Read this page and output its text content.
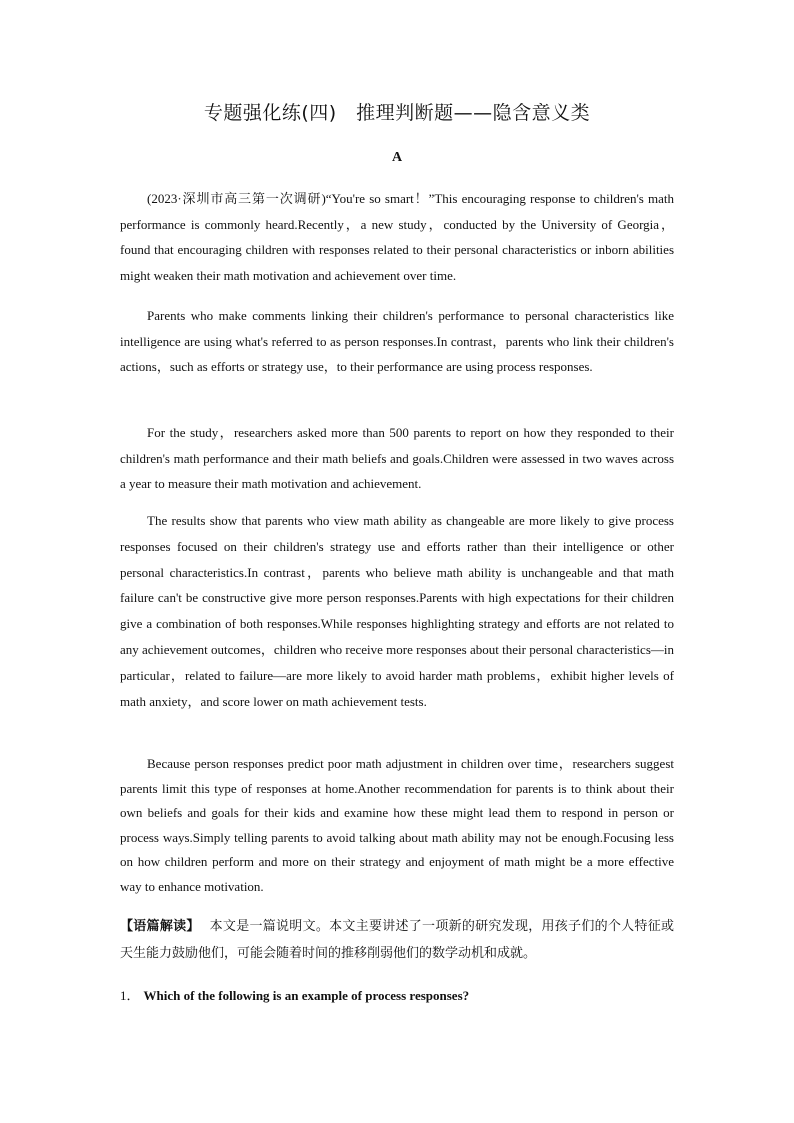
专题强化练(四)　推理判断题——隐含意义类
A

(2023·深圳市高三第一次调研)“You're so smart！”This encouraging response to children's math performance is commonly heard.Recently，a new study，conducted by the University of Georgia，found that encouraging children with responses related to their personal characteristics or inborn abilities might weaken their math motivation and achievement over time.

Parents who make comments linking their children's performance to personal characteristics like intelligence are using what's referred to as person responses.In contrast，parents who link their children's actions，such as efforts or strategy use，to their performance are using process responses.

For the study，researchers asked more than 500 parents to report on how they responded to their children's math performance and their math beliefs and goals.Children were assessed in two waves across a year to measure their math motivation and achievement.

The results show that parents who view math ability as changeable are more likely to give process responses focused on their children's strategy use and efforts rather than their intelligence or other personal characteristics.In contrast，parents who believe math ability is unchangeable and that math failure can't be constructive give more person responses.Parents with high expectations for their children give a combination of both responses.While responses highlighting strategy and efforts are not related to any achievement outcomes，children who receive more responses about their personal characteristics—in particular，related to failure—are more likely to avoid harder math problems，exhibit higher levels of math anxiety，and score lower on math achievement tests.

Because person responses predict poor math adjustment in children over time，researchers suggest parents limit this type of responses at home.Another recommendation for parents is to think about their own beliefs and goals for their kids and examine how these might lead them to respond in person or process ways.Simply telling parents to avoid talking about math ability may not be enough.Focusing less on how children perform and more on their strategy and enjoyment of math might be a more effective way to enhance motivation.

【语篇解读】 本文是一篇说明文。本文主要讲述了一项新的研究发现，用孩子们的个人特征或天生能力鼓励他们，可能会随着时间的推移削弱他们的数学动机和成就。

1． Which of the following is an example of process responses?
